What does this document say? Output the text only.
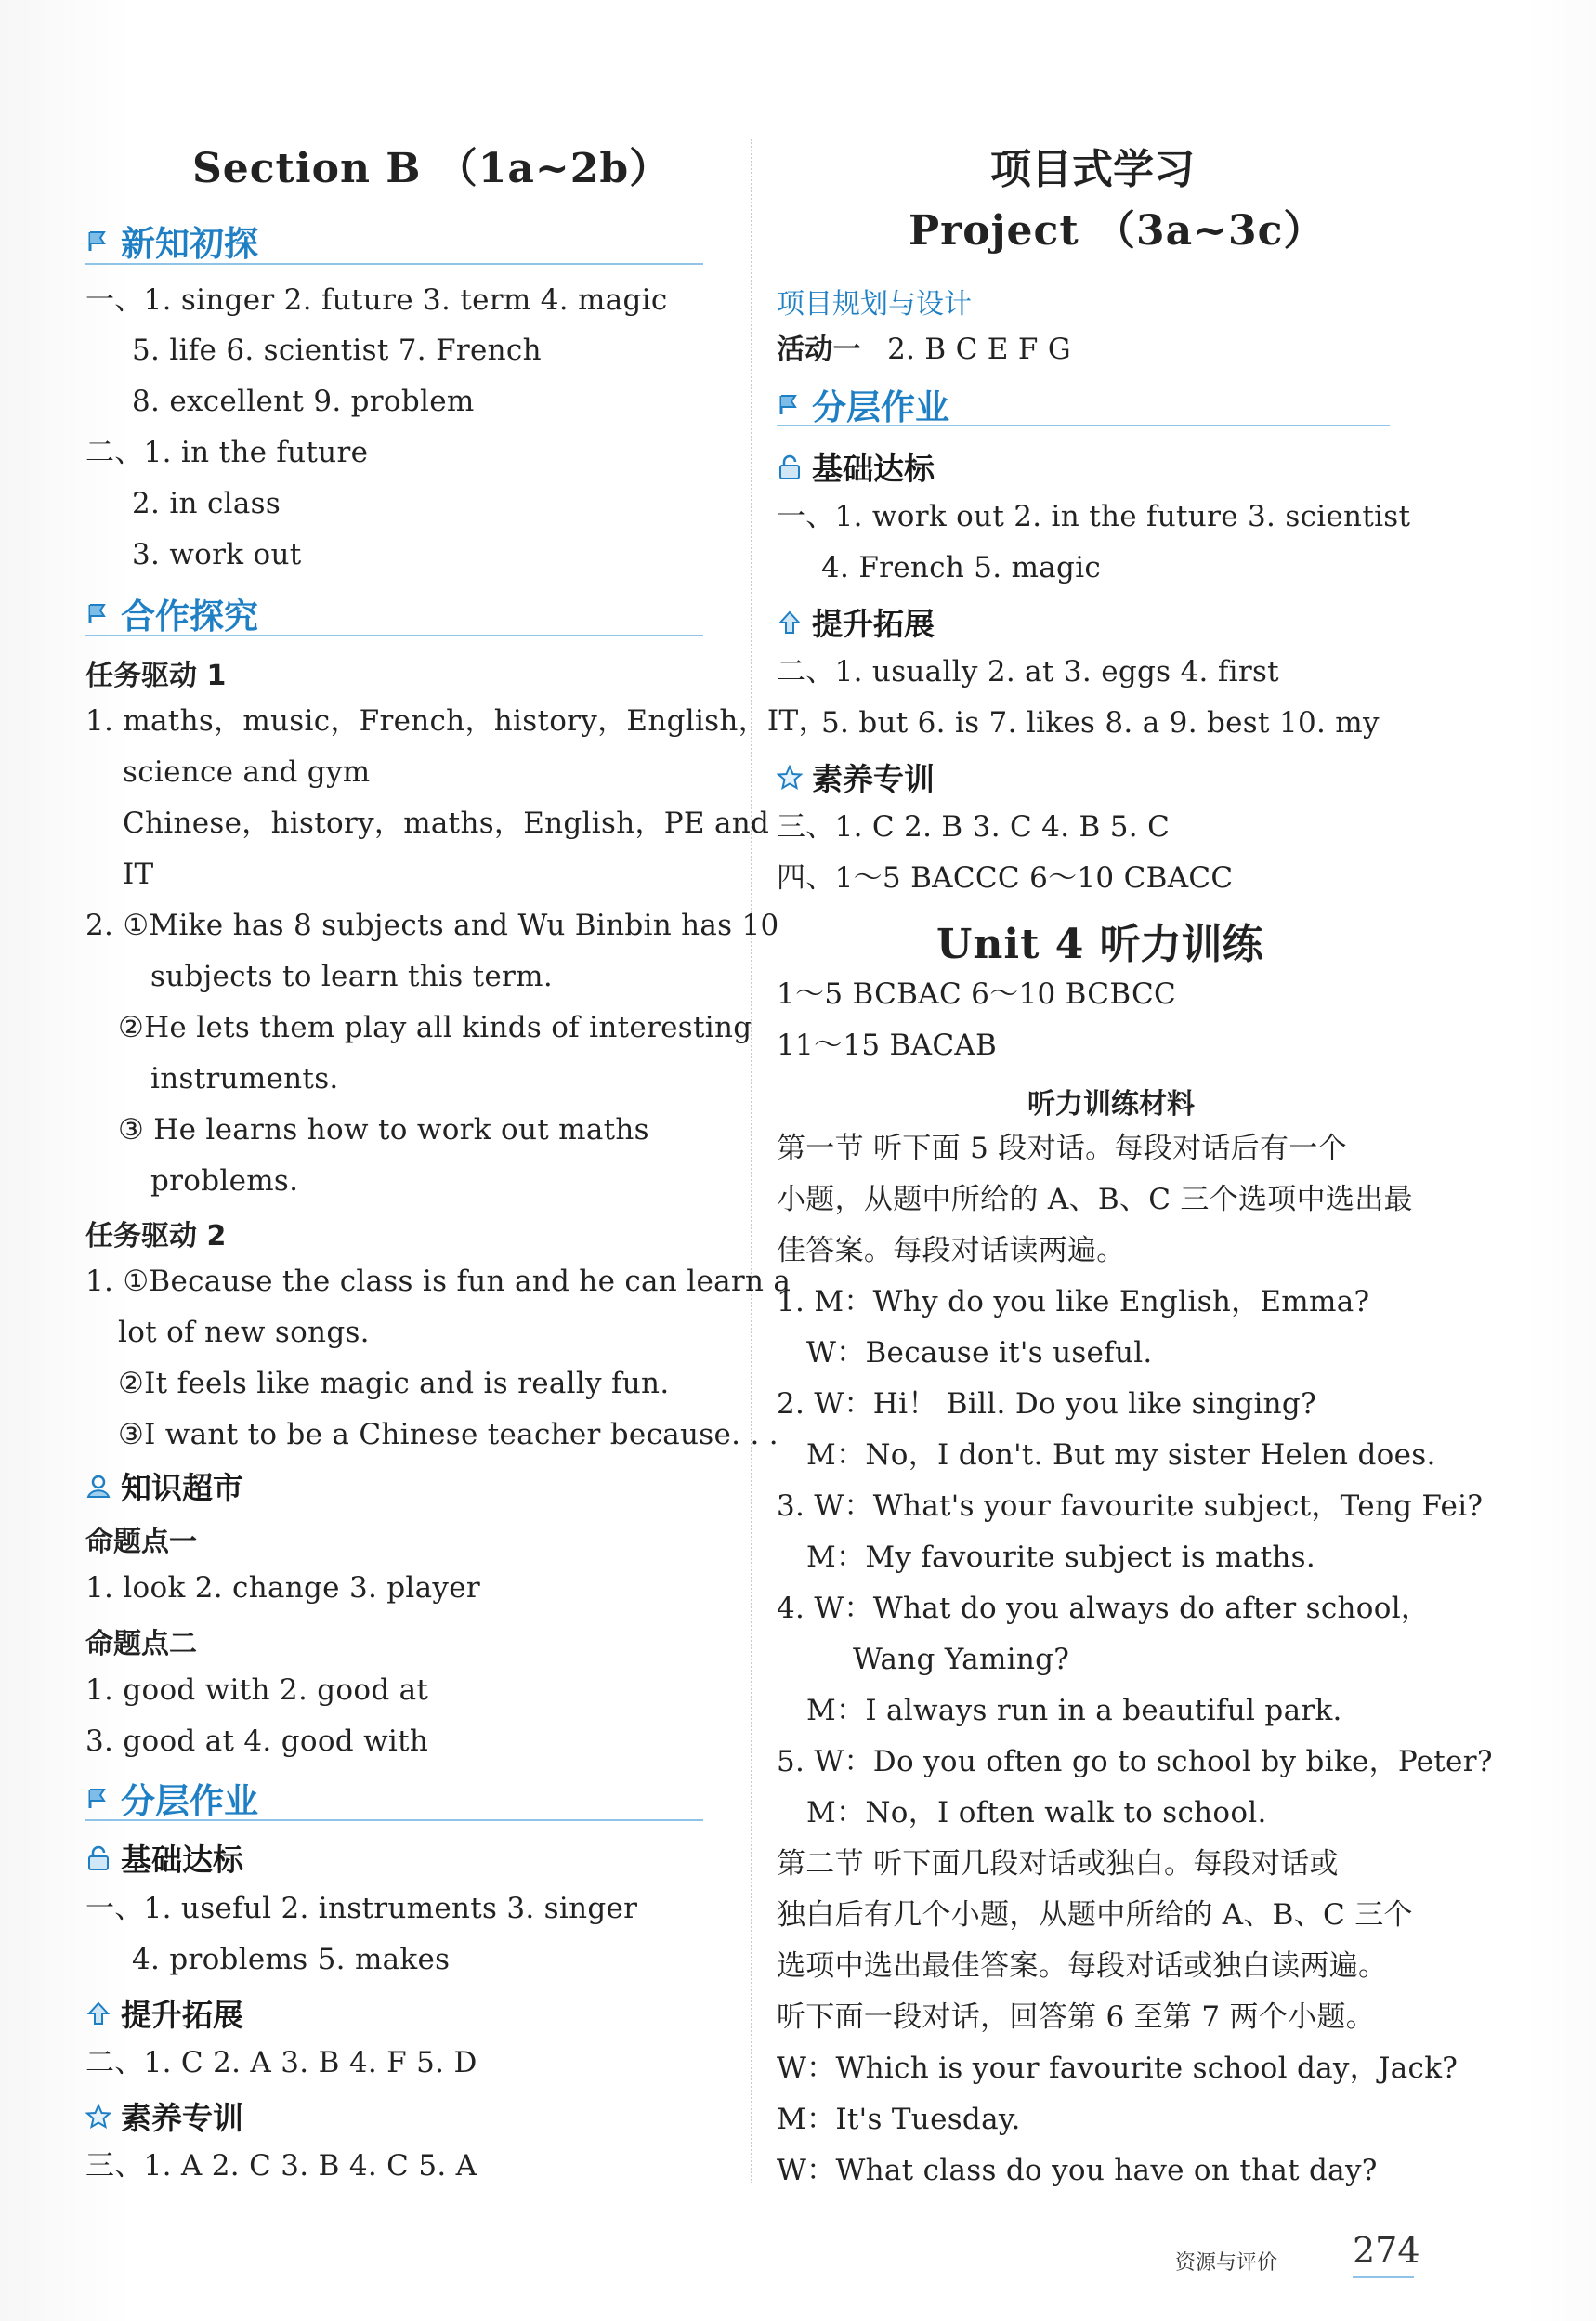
Section B （1a~2b）
新知初探
一、1. singer 2. future 3. term 4. magic
5. life 6. scientist 7. French
8. excellent 9. problem
二、1. in the future
2. in class
3. work out
合作探究
任务驱动 1
1. maths，music，French，history，English，IT，
science and gym
Chinese，history，maths，English，PE and
IT
2. ①Mike has 8 subjects and Wu Binbin has 10
subjects to learn this term.
②He lets them play all kinds of interesting
instruments.
③ He learns how to work out maths
problems.
任务驱动 2
1. ①Because the class is fun and he can learn a
lot of new songs.
②It feels like magic and is really fun.
③I want to be a Chinese teacher because. . .
知识超市
命题点一
1. look 2. change 3. player
命题点二
1. good with 2. good at
3. good at 4. good with
分层作业
基础达标
一、1. useful 2. instruments 3. singer
4. problems 5. makes
提升拓展
二、1. C 2. A 3. B 4. F 5. D
素养专训
三、1. A 2. C 3. B 4. C 5. A
项目式学习
Project （3a~3c）
项目规划与设计
活动一 2. B C E F G
分层作业
基础达标
一、1. work out 2. in the future 3. scientist
4. French 5. magic
提升拓展
二、1. usually 2. at 3. eggs 4. first
5. but 6. is 7. likes 8. a 9. best 10. my
素养专训
三、1. C 2. B 3. C 4. B 5. C
四、1～5 BACCC 6～10 CBACC
Unit 4 听力训练
1～5 BCBAC 6～10 BCBCC
11～15 BACAB
听力训练材料
第一节 听下面 5 段对话。每段对话后有一个
小题，从题中所给的 A、B、C 三个选项中选出最
佳答案。每段对话读两遍。
1. M：Why do you like English，Emma?
W：Because it's useful.
2. W：Hi！ Bill. Do you like singing?
M：No，I don't. But my sister Helen does.
3. W：What's your favourite subject，Teng Fei?
M：My favourite subject is maths.
4. W：What do you always do after school，
Wang Yaming?
M：I always run in a beautiful park.
5. W：Do you often go to school by bike，Peter?
M：No，I often walk to school.
第二节 听下面几段对话或独白。每段对话或
独白后有几个小题，从题中所给的 A、B、C 三个
选项中选出最佳答案。每段对话或独白读两遍。
听下面一段对话，回答第 6 至第 7 两个小题。
W：Which is your favourite school day，Jack?
M：It's Tuesday.
W：What class do you have on that day?
资源与评价 274
